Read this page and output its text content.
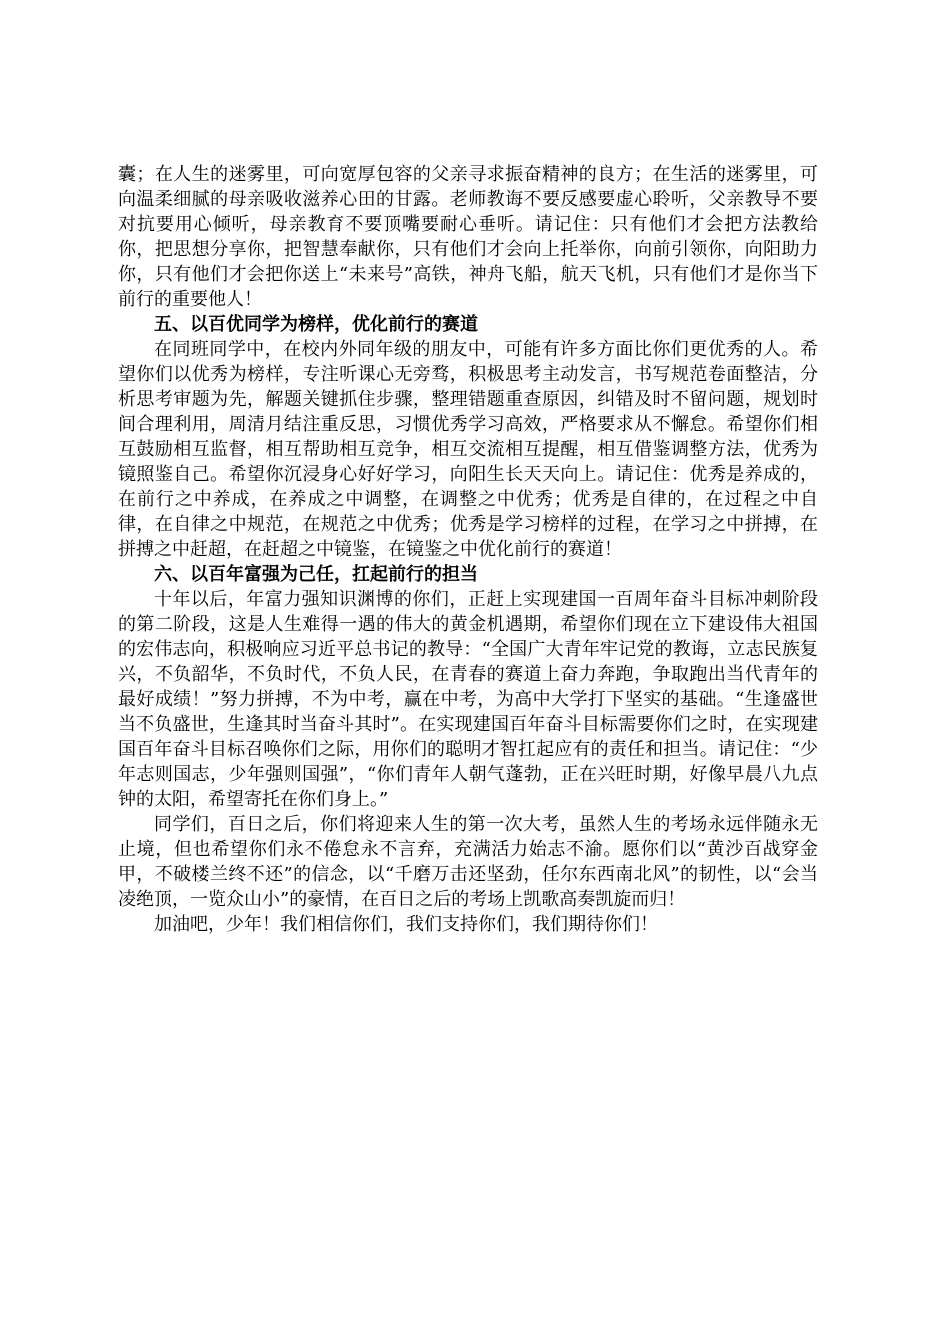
囊；在人生的迷雾里，可向宽厚包容的父亲寻求振奋精神的良方；在生活的迷雾里，可向温柔细腻的母亲吸收滋养心田的甘露。老师教诲不要反感要虚心聆听，父亲教导不要对抗要用心倾听，母亲教育不要顶嘴要耐心垂听。请记住：只有他们才会把方法教给你，把思想分享你，把智慧奉献你，只有他们才会向上托举你，向前引领你，向阳助力你，只有他们才会把你送上“未来号”高铁，神舟飞船，航天飞机，只有他们才是你当下前行的重要他人！

五、以百优同学为榜样，优化前行的赛道

在同班同学中，在校内外同年级的朋友中，可能有许多方面比你们更优秀的人。希望你们以优秀为榜样，专注听课心无旁骛，积极思考主动发言，书写规范卷面整洁，分析思考审题为先，解题关键抓住步骤，整理错题重查原因，纠错及时不留问题，规划时间合理利用，周清月结注重反思，习惯优秀学习高效，严格要求从不懈怠。希望你们相互鼓励相互监督，相互帮助相互竞争，相互交流相互提醒，相互借鉴调整方法，优秀为镜照鉴自己。希望你沉浸身心好好学习，向阳生长天天向上。请记住：优秀是养成的，在前行之中养成，在养成之中调整，在调整之中优秀；优秀是自律的，在过程之中自律，在自律之中规范，在规范之中优秀；优秀是学习榜样的过程，在学习之中拼搏，在拼搏之中赶超，在赶超之中镜鉴，在镜鉴之中优化前行的赛道！

六、以百年富强为己任，扛起前行的担当

十年以后，年富力强知识渊博的你们，正赶上实现建国一百周年奋斗目标冲刺阶段的第二阶段，这是人生难得一遇的伟大的黄金机遇期，希望你们现在立下建设伟大祖国的宏伟志向，积极响应习近平总书记的教导：“全国广大青年牢记党的教诲，立志民族复兴，不负韶华，不负时代，不负人民，在青春的赛道上奋力奔跑，争取跑出当代青年的最好成绩！”努力拼搏，不为中考，赢在中考，为高中大学打下坚实的基础。“生逢盛世当不负盛世，生逢其时当奋斗其时”。在实现建国百年奋斗目标需要你们之时，在实现建国百年奋斗目标召唤你们之际，用你们的聪明才智扛起应有的责任和担当。请记住：“少年志则国志，少年强则国强”，“你们青年人朝气蓬勃，正在兴旺时期，好像早晨八九点钟的太阳，希望寄托在你们身上。”

同学们，百日之后，你们将迎来人生的第一次大考，虽然人生的考场永远伴随永无止境，但也希望你们永不倦怠永不言弃，充满活力始志不渝。愿你们以“黄沙百战穿金甲，不破楼兰终不还”的信念，以“千磨万击还坚劲，任尔东西南北风”的韧性，以“会当凌绝顶，一览众山小”的豪情，在百日之后的考场上凯歌高奏凯旋而归！

加油吧，少年！我们相信你们，我们支持你们，我们期待你们！
